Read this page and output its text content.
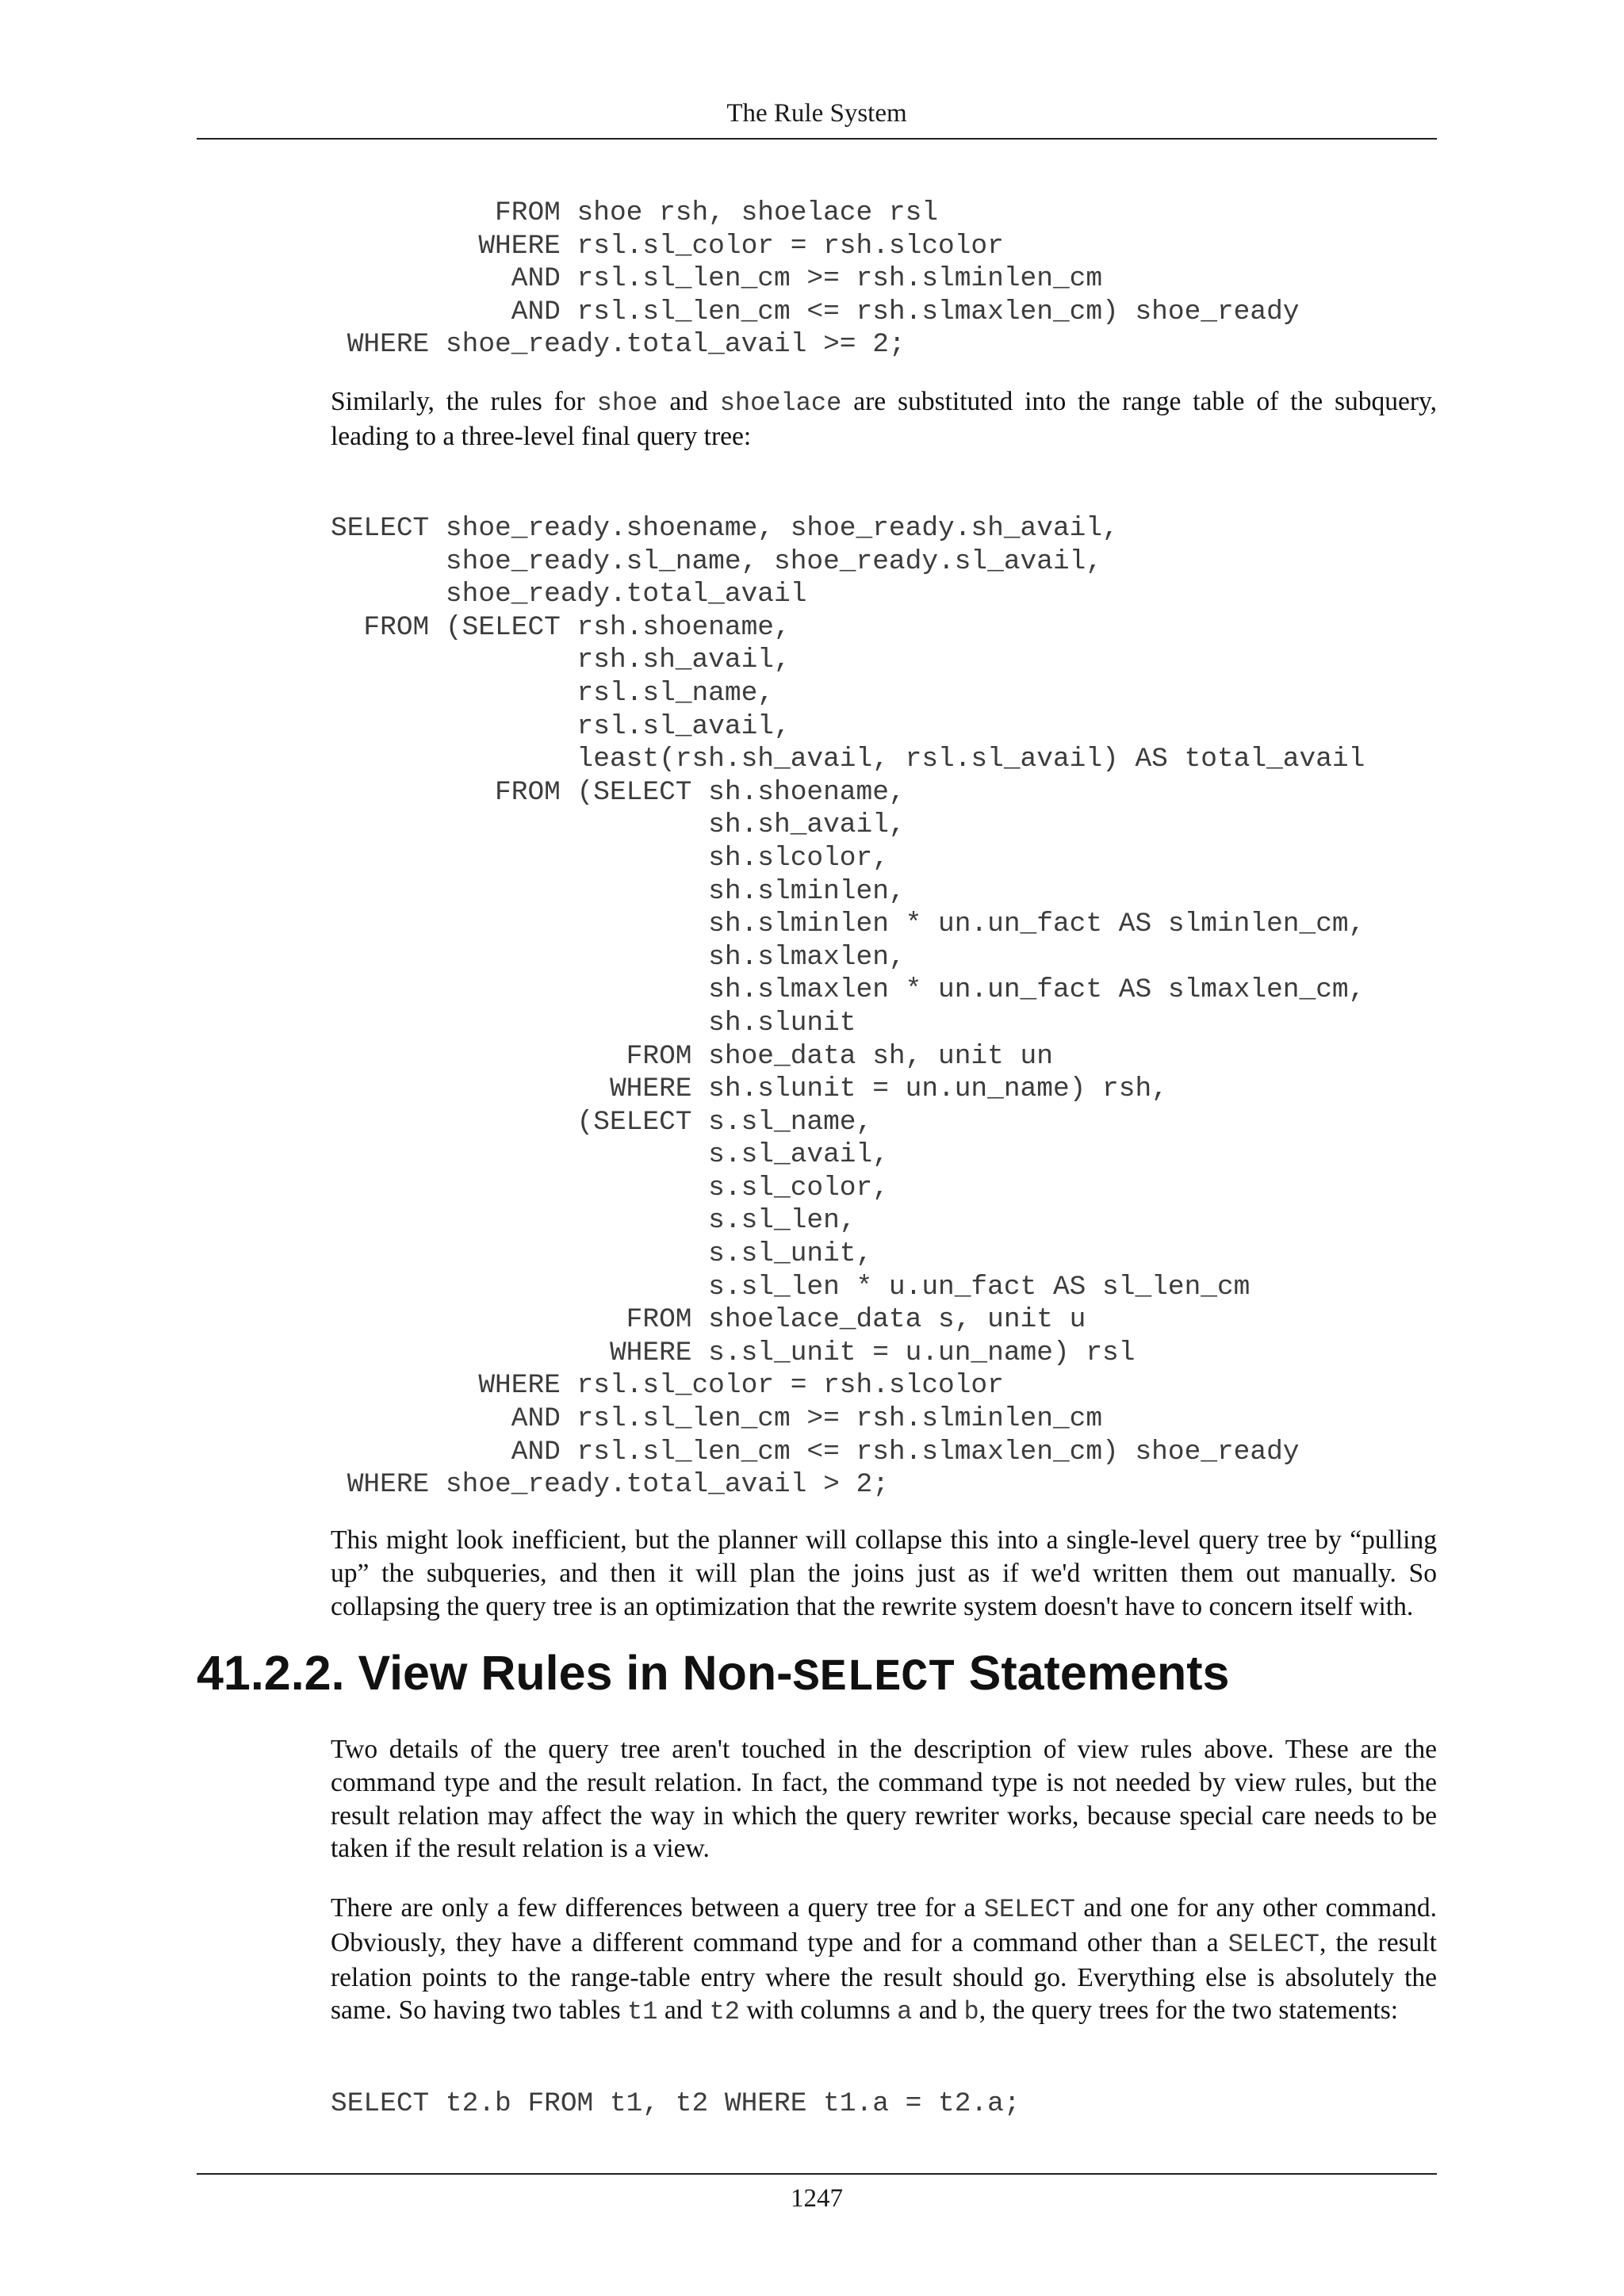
The Rule System
FROM shoe rsh, shoelace rsl
WHERE rsl.sl_color = rsh.slcolor
AND rsl.sl_len_cm >= rsh.slminlen_cm
AND rsl.sl_len_cm <= rsh.slmaxlen_cm) shoe_ready
WHERE shoe_ready.total_avail >= 2;

Similarly, the rules for shoe and shoelace are substituted into the range table of the subquery, leading to a three-level final query tree:

SELECT shoe_ready.shoename, shoe_ready.sh_avail,
shoe_ready.sl_name, shoe_ready.sl_avail,
shoe_ready.total_avail
FROM (SELECT rsh.shoename,
rsh.sh_avail,
rsl.sl_name,
rsl.sl_avail,
least(rsh.sh_avail, rsl.sl_avail) AS total_avail
FROM (SELECT sh.shoename,
sh.sh_avail,
sh.slcolor,
sh.slminlen,
sh.slminlen * un.un_fact AS slminlen_cm,
sh.slmaxlen,
sh.slmaxlen * un.un_fact AS slmaxlen_cm,
sh.slunit
FROM shoe_data sh, unit un
WHERE sh.slunit = un.un_name) rsh,
(SELECT s.sl_name,
s.sl_avail,
s.sl_color,
s.sl_len,
s.sl_unit,
s.sl_len * u.un_fact AS sl_len_cm
FROM shoelace_data s, unit u
WHERE s.sl_unit = u.un_name) rsl
WHERE rsl.sl_color = rsh.slcolor
AND rsl.sl_len_cm >= rsh.slminlen_cm
AND rsl.sl_len_cm <= rsh.slmaxlen_cm) shoe_ready
WHERE shoe_ready.total_avail > 2;

This might look inefficient, but the planner will collapse this into a single-level query tree by “pulling up” the subqueries, and then it will plan the joins just as if we'd written them out manually. So collapsing the query tree is an optimization that the rewrite system doesn't have to concern itself with.

41.2.2. View Rules in Non-SELECT Statements

Two details of the query tree aren't touched in the description of view rules above. These are the command type and the result relation. In fact, the command type is not needed by view rules, but the result relation may affect the way in which the query rewriter works, because special care needs to be taken if the result relation is a view.

There are only a few differences between a query tree for a SELECT and one for any other command. Obviously, they have a different command type and for a command other than a SELECT, the result relation points to the range-table entry where the result should go. Everything else is absolutely the same. So having two tables t1 and t2 with columns a and b, the query trees for the two statements:

SELECT t2.b FROM t1, t2 WHERE t1.a = t2.a;
1247
